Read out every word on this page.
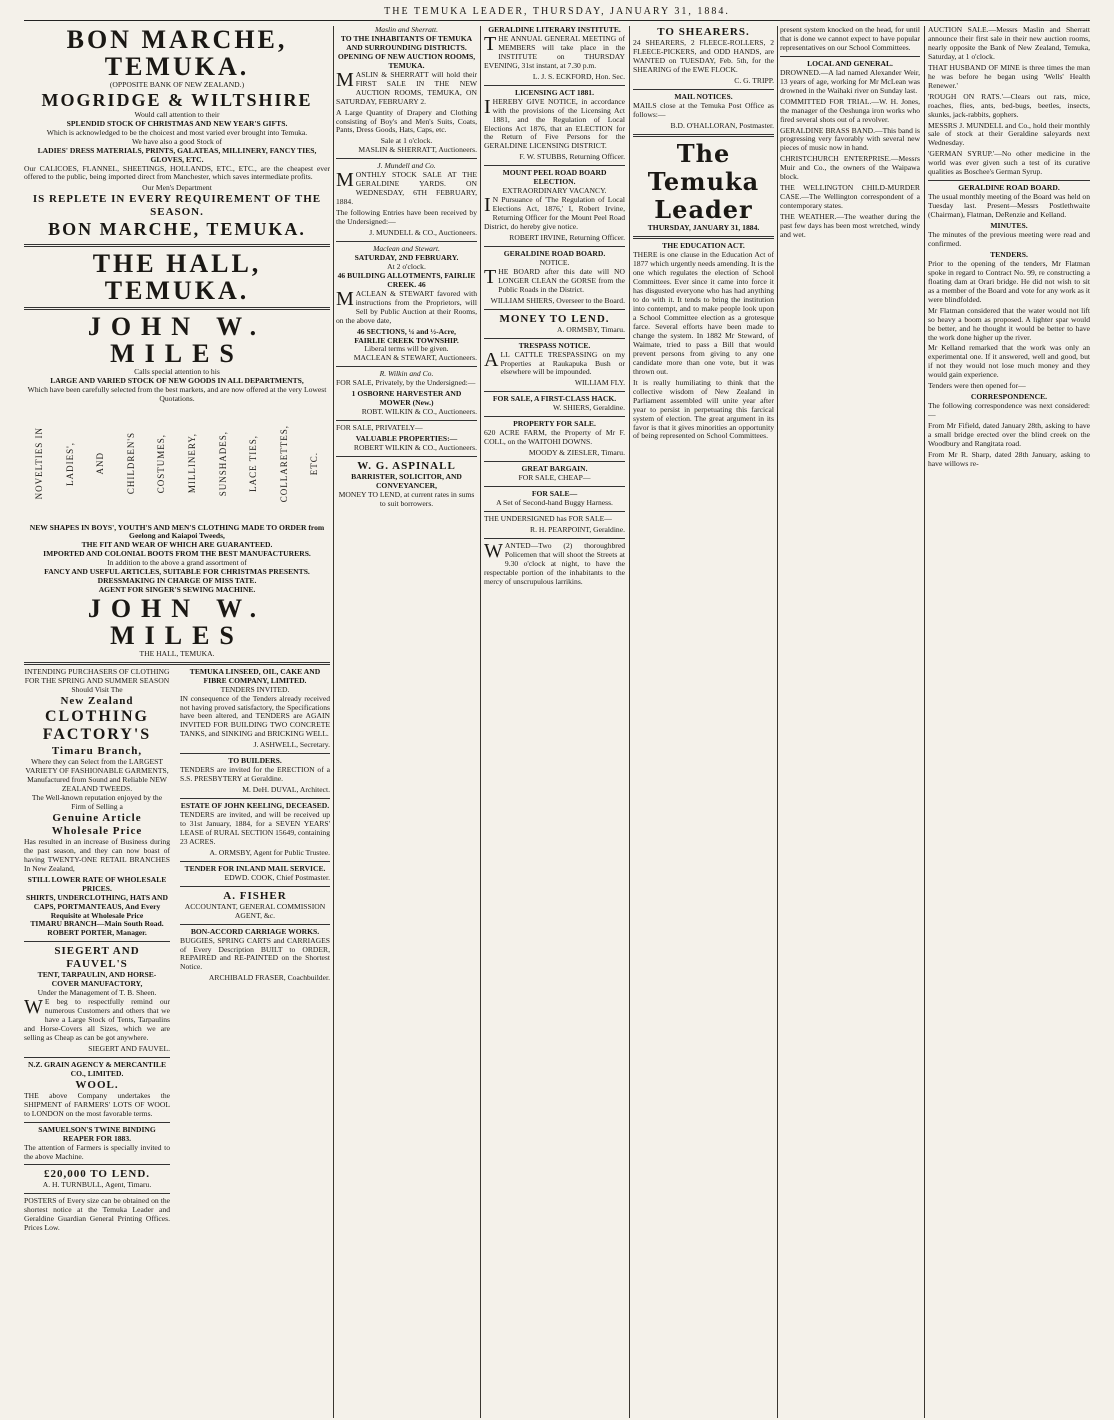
THE TEMUKA LEADER, THURSDAY, JANUARY 31, 1884.
BON MARCHE, TEMUKA.
(OPPOSITE BANK OF NEW ZEALAND.)
MOGRIDGE & WILTSHIRE
Would call attention to their
SPLENDID STOCK OF CHRISTMAS AND NEW YEAR'S GIFTS.
Which is acknowledged to be the choicest and most varied ever brought into Temuka.
We have also a good Stock of
LADIES' DRESS MATERIALS, PRINTS, GALATEAS, MILLINERY, FANCY TIES, GLOVES, ETC.

Our CALICOES, FLANNEL, SHEETINGS, HOLLANDS, ETC., ETC., are the cheapest ever offered to the public, being imported direct from Manchester, which saves intermediate profits.

Our Men's Department
IS REPLETE IN EVERY REQUIREMENT OF THE SEASON.
BON MARCHE, TEMUKA.
THE HALL, TEMUKA.
JOHN W. MILES
Calls special attention to his
LARGE AND VARIED STOCK OF NEW GOODS IN ALL DEPARTMENTS,
Which have been carefully selected from the best markets, and are now offered at the very Lowest Quotations.
NOVELTIES IN LADIES', AND CHILDREN'S COSTUMES, MILLINERY, SUNSHADES, LACE TIES, COLLARETTES, ETC.
NEW SHAPES IN BOYS', YOUTH'S AND MEN'S CLOTHING MADE TO ORDER from Geelong and Kaiapoi Tweeds,
THE FIT AND WEAR OF WHICH ARE GUARANTEED.
IMPORTED AND COLONIAL BOOTS FROM THE BEST MANUFACTURERS.
In addition to the above a grand assortment of
FANCY AND USEFUL ARTICLES, SUITABLE FOR CHRISTMAS PRESENTS.
DRESSMAKING IN CHARGE OF MISS TATE.
AGENT FOR SINGER'S SEWING MACHINE.
JOHN W. MILES
THE HALL, TEMUKA.
INTENDING PURCHASERS OF CLOTHING FOR THE SPRING AND SUMMER SEASON Should Visit The
New Zealand
CLOTHING FACTORY'S
Timaru Branch,
Where they can Select from the LARGEST VARIETY OF FASHIONABLE GARMENTS, Manufactured from Sound and Reliable NEW ZEALAND TWEEDS.
The Well-known reputation enjoyed by the Firm of Selling a
Genuine Article
Wholesale Price

Has resulted in an increase of Business during the past season, and they can now boast of having TWENTY-ONE RETAIL BRANCHES In New Zealand,

STILL LOWER RATE OF WHOLESALE PRICES.
SHIRTS, UNDERCLOTHING, HATS AND CAPS, PORTMANTEAUS, And Every Requisite at Wholesale Price
TIMARU BRANCH—Main South Road. ROBERT PORTER, Manager.
SIEGERT AND FAUVEL'S
TENT, TARPAULIN, AND HORSE-COVER MANUFACTORY,
Under the Management of T. B. Sheen.

WE beg to respectfully remind our numerous Customers and others that we have a Large Stock of Tents, Tarpaulins and Horse-Covers all Sizes, which we are selling as Cheap as can be got anywhere.

SIEGERT AND FAUVEL.
N.Z. GRAIN AGENCY & MERCANTILE CO., LIMITED.
WOOL.

THE above Company undertakes the SHIPMENT of FARMERS' LOTS OF WOOL to LONDON on the most favorable terms.

SAMUELSON'S TWINE BINDING REAPER FOR 1883.

The attention of Farmers is specially invited to the above Machine.

£20,000 TO LEND.
A. H. TURNBULL, Agent, Timaru.

POSTERS of Every size can be obtained on the shortest notice at the Temuka Leader and Geraldine Guardian General Printing Offices. Prices Low.

TEMUKA LINSEED, OIL, CAKE AND FIBRE COMPANY, LIMITED.
TENDERS INVITED.

IN consequence of the Tenders already received not having proved satisfactory, the Specifications have been altered, and TENDERS are AGAIN INVITED FOR BUILDING TWO CONCRETE TANKS, and SINKING and BRICKING WELL.

J. ASHWELL, Secretary.
TO BUILDERS.

TENDERS are invited for the ERECTION of a S.S. PRESBYTERY at Geraldine.

M. DeH. DUVAL, Architect.
ESTATE OF JOHN KEELING, DECEASED.

TENDERS are invited, and will be received up to 31st January, 1884, for a SEVEN YEARS' LEASE of RURAL SECTION 15649, containing 23 ACRES.

A. ORMSBY, Agent for Public Trustee.
TENDER FOR INLAND MAIL SERVICE.
EDWD. COOK, Chief Postmaster.
A. FISHER
ACCOUNTANT, GENERAL COMMISSION AGENT, &c.
BON-ACCORD CARRIAGE WORKS.

BUGGIES, SPRING CARTS and CARRIAGES of Every Description BUILT to ORDER, REPAIRED and RE-PAINTED on the Shortest Notice.

ARCHIBALD FRASER, Coachbuilder.
Maslin and Sherratt.
TO THE INHABITANTS OF TEMUKA AND SURROUNDING DISTRICTS.
OPENING OF NEW AUCTION ROOMS, TEMUKA.

MASLIN & SHERRATT will hold their FIRST SALE IN THE NEW AUCTION ROOMS, TEMUKA, ON SATURDAY, FEBRUARY 2.

A Large Quantity of Drapery and Clothing consisting of Boy's and Men's Suits, Coats, Pants, Dress Goods, Hats, Caps, etc.

Sale at 1 o'clock.
MASLIN & SHERRATT, Auctioneers.
J. Mundell and Co.

MONTHLY STOCK SALE AT THE GERALDINE YARDS. ON WEDNESDAY, 6TH FEBRUARY, 1884.

The following Entries have been received by the Undersigned:—

J. MUNDELL & CO., Auctioneers.
Maclean and Stewart.
SATURDAY, 2ND FEBRUARY.
At 2 o'clock.
46 BUILDING ALLOTMENTS, FAIRLIE CREEK. 46

MACLEAN & STEWART favored with instructions from the Proprietors, will Sell by Public Auction at their Rooms, on the above date,

46 SECTIONS, ¼ and ½-Acre,
FAIRLIE CREEK TOWNSHIP.
Liberal terms will be given.
MACLEAN & STEWART, Auctioneers.
R. Wilkin and Co.

FOR SALE, Privately, by the Undersigned:—

1 OSBORNE HARVESTER AND MOWER (New.)
ROBT. WILKIN & CO., Auctioneers.

FOR SALE, PRIVATELY—

VALUABLE PROPERTIES:—
ROBERT WILKIN & CO., Auctioneers.
W. G. ASPINALL
BARRISTER, SOLICITOR, AND CONVEYANCER,
MONEY TO LEND, at current rates in sums to suit borrowers.
GERALDINE LITERARY INSTITUTE.

THE ANNUAL GENERAL MEETING of MEMBERS will take place in the INSTITUTE on THURSDAY EVENING, 31st instant, at 7.30 p.m.

L. J. S. ECKFORD, Hon. Sec.
LICENSING ACT 1881.

IHEREBY GIVE NOTICE, in accordance with the provisions of the Licensing Act 1881, and the Regulation of Local Elections Act 1876, that an ELECTION for the Return of Five Persons for the GERALDINE LICENSING DISTRICT.

F. W. STUBBS, Returning Officer.
MOUNT PEEL ROAD BOARD ELECTION.
EXTRAORDINARY VACANCY.

IN Pursuance of 'The Regulation of Local Elections Act, 1876,' I, Robert Irvine, Returning Officer for the Mount Peel Road District, do hereby give notice.

ROBERT IRVINE, Returning Officer.
GERALDINE ROAD BOARD.
NOTICE.

THE BOARD after this date will NO LONGER CLEAN the GORSE from the Public Roads in the District.

WILLIAM SHIERS, Overseer to the Board.
MONEY TO LEND.
A. ORMSBY, Timaru.
TRESPASS NOTICE.

ALL CATTLE TRESPASSING on my Properties at Raukapuka Bush or elsewhere will be impounded.

WILLIAM FLY.
FOR SALE, A FIRST-CLASS HACK.
W. SHIERS, Geraldine.
PROPERTY FOR SALE.

620 ACRE FARM, the Property of Mr F. COLL, on the WAITOHI DOWNS.

MOODY & ZIESLER, Timaru.
GREAT BARGAIN.
FOR SALE, CHEAP—
FOR SALE—
A Set of Second-hand Buggy Harness.

THE UNDERSIGNED has FOR SALE—

R. H. PEARPOINT, Geraldine.

WANTED—Two (2) thoroughbred Policemen that will shoot the Streets at 9.30 o'clock at night, to have the respectable portion of the inhabitants to the mercy of unscrupulous larrikins.

TO SHEARERS.

24 SHEARERS, 2 FLEECE-ROLLERS, 2 FLEECE-PICKERS, and ODD HANDS, are WANTED on TUESDAY, Feb. 5th, for the SHEARING of the EWE FLOCK.

C. G. TRIPP.
MAIL NOTICES.

MAILS close at the Temuka Post Office as follows:—

B.D. O'HALLORAN, Postmaster.
The Temuka Leader
THURSDAY, JANUARY 31, 1884.
THE EDUCATION ACT.

THERE is one clause in the Education Act of 1877 which urgently needs amending. It is the one which regulates the election of School Committees. Ever since it came into force it has disgusted everyone who has had anything to do with it. It tends to bring the institution into contempt, and to make people look upon a School Committee election as a grotesque farce. Several efforts have been made to change the system. In 1882 Mr Steward, of Waimate, tried to pass a Bill that would prevent persons from giving to any one candidate more than one vote, but it was thrown out.

It is really humiliating to think that the collective wisdom of New Zealand in Parliament assembled will unite year after year to persist in perpetuating this farcical system of election. The great argument in its favor is that it gives minorities an opportunity of being represented on School Committees.

present system knocked on the head, for until that is done we cannot expect to have popular representatives on our School Committees.

LOCAL AND GENERAL.

DROWNED.—A lad named Alexander Weir, 13 years of age, working for Mr McLean was drowned in the Waihaki river on Sunday last.

COMMITTED FOR TRIAL.—W. H. Jones, the manager of the Oeshunga iron works who fired several shots out of a revolver.

GERALDINE BRASS BAND.—This band is progressing very favorably with several new pieces of music now in hand.

CHRISTCHURCH ENTERPRISE.—Messrs Muir and Co., the owners of the Waipawa block.

THE WELLINGTON CHILD-MURDER CASE.—The Wellington correspondent of a contemporary states.

THE WEATHER.—The weather during the past few days has been most wretched, windy and wet.

AUCTION SALE.—Messrs Maslin and Sherratt announce their first sale in their new auction rooms, nearly opposite the Bank of New Zealand, Temuka, Saturday, at 1 o'clock.

THAT HUSBAND OF MINE is three times the man he was before he began using 'Wells' Health Renewer.'

'ROUGH ON RATS.'—Clears out rats, mice, roaches, flies, ants, bed-bugs, beetles, insects, skunks, jack-rabbits, gophers.

MESSRS J. MUNDELL and Co., hold their monthly sale of stock at their Geraldine saleyards next Wednesday.

'GERMAN SYRUP.'—No other medicine in the world was ever given such a test of its curative qualities as Boschee's German Syrup.

GERALDINE ROAD BOARD.

The usual monthly meeting of the Board was held on Tuesday last. Present—Messrs Postlethwaite (Chairman), Flatman, DeRenzie and Kelland.

MINUTES.

The minutes of the previous meeting were read and confirmed.

TENDERS.

Prior to the opening of the tenders, Mr Flatman spoke in regard to Contract No. 99, re constructing a floating dam at Orari bridge. He did not wish to sit as a member of the Board and vote for any work as it were blindfolded.

Mr Flatman considered that the water would not lift so heavy a boom as proposed. A lighter spar would be better, and he thought it would be better to have the work done higher up the river.

Mr Kelland remarked that the work was only an experimental one. If it answered, well and good, but if not they would not lose much money and they would gain experience.

Tenders were then opened for—

CORRESPONDENCE.

The following correspondence was next considered:—

From Mr Fifield, dated January 28th, asking to have a small bridge erected over the blind creek on the Woodbury and Rangitata road.

From Mr R. Sharp, dated 28th January, asking to have willows re-
